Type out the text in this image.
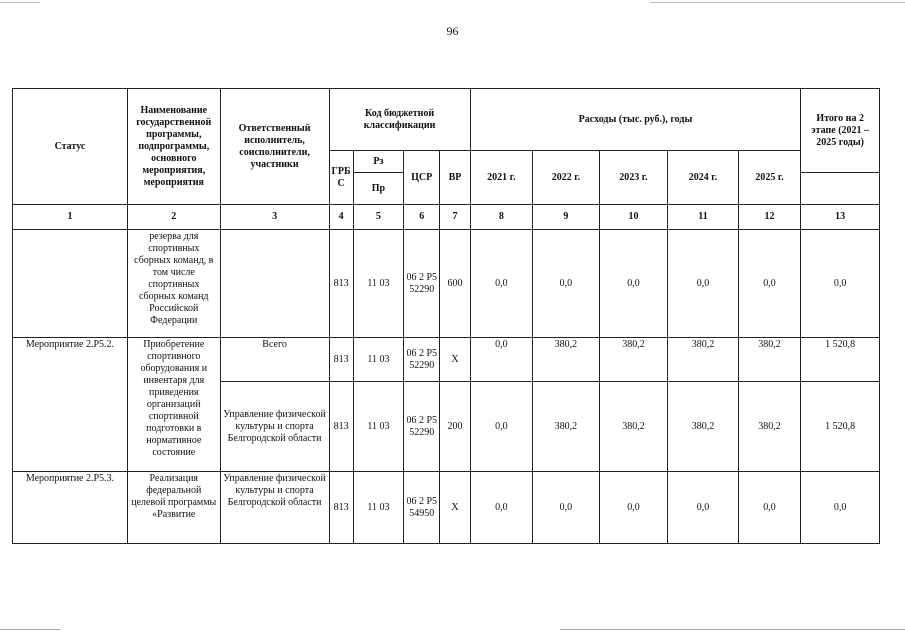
96
Статус	Наименование государственной программы, подпрограммы, основного мероприятия, мероприятия	Ответственный исполнитель, соисполнители, участники	Код бюджетной классификации				Расходы (тыс. руб.), годы					Итого на 2 этапе (2021 –2025 годы)
			ГРБ С	Рз	ЦСР	ВР	2021 г.	2022 г.	2023 г.	2024 г.	2025 г.	
				Пр								
1	2	3	4	5	6	7	8	9	10	11	12	13
	резерва для спортивных сборных команд, в том числе спортивных сборных команд Российской Федерации		813	11 03	06 2 Р5 52290	600	0,0	0,0	0,0	0,0	0,0	0,0
Мероприятие 2.Р5.2.	Приобретение спортивного оборудования и инвентаря для приведения организаций спортивной подготовки в нормативное состояние	Всего	813	11 03	06 2 Р5 52290	Х	0,0	380,2	380,2	380,2	380,2	1 520,8
		Управление физической культуры и спорта Белгородской области	813	11 03	06 2 Р5 52290	200	0,0	380,2	380,2	380,2	380,2	1 520,8
Мероприятие 2.Р5.3.	Реализация федеральной целевой программы «Развитие	Управление физической культуры и спорта Белгородской области	813	11 03	06 2 Р5 54950	Х	0,0	0,0	0,0	0,0	0,0	0,0
